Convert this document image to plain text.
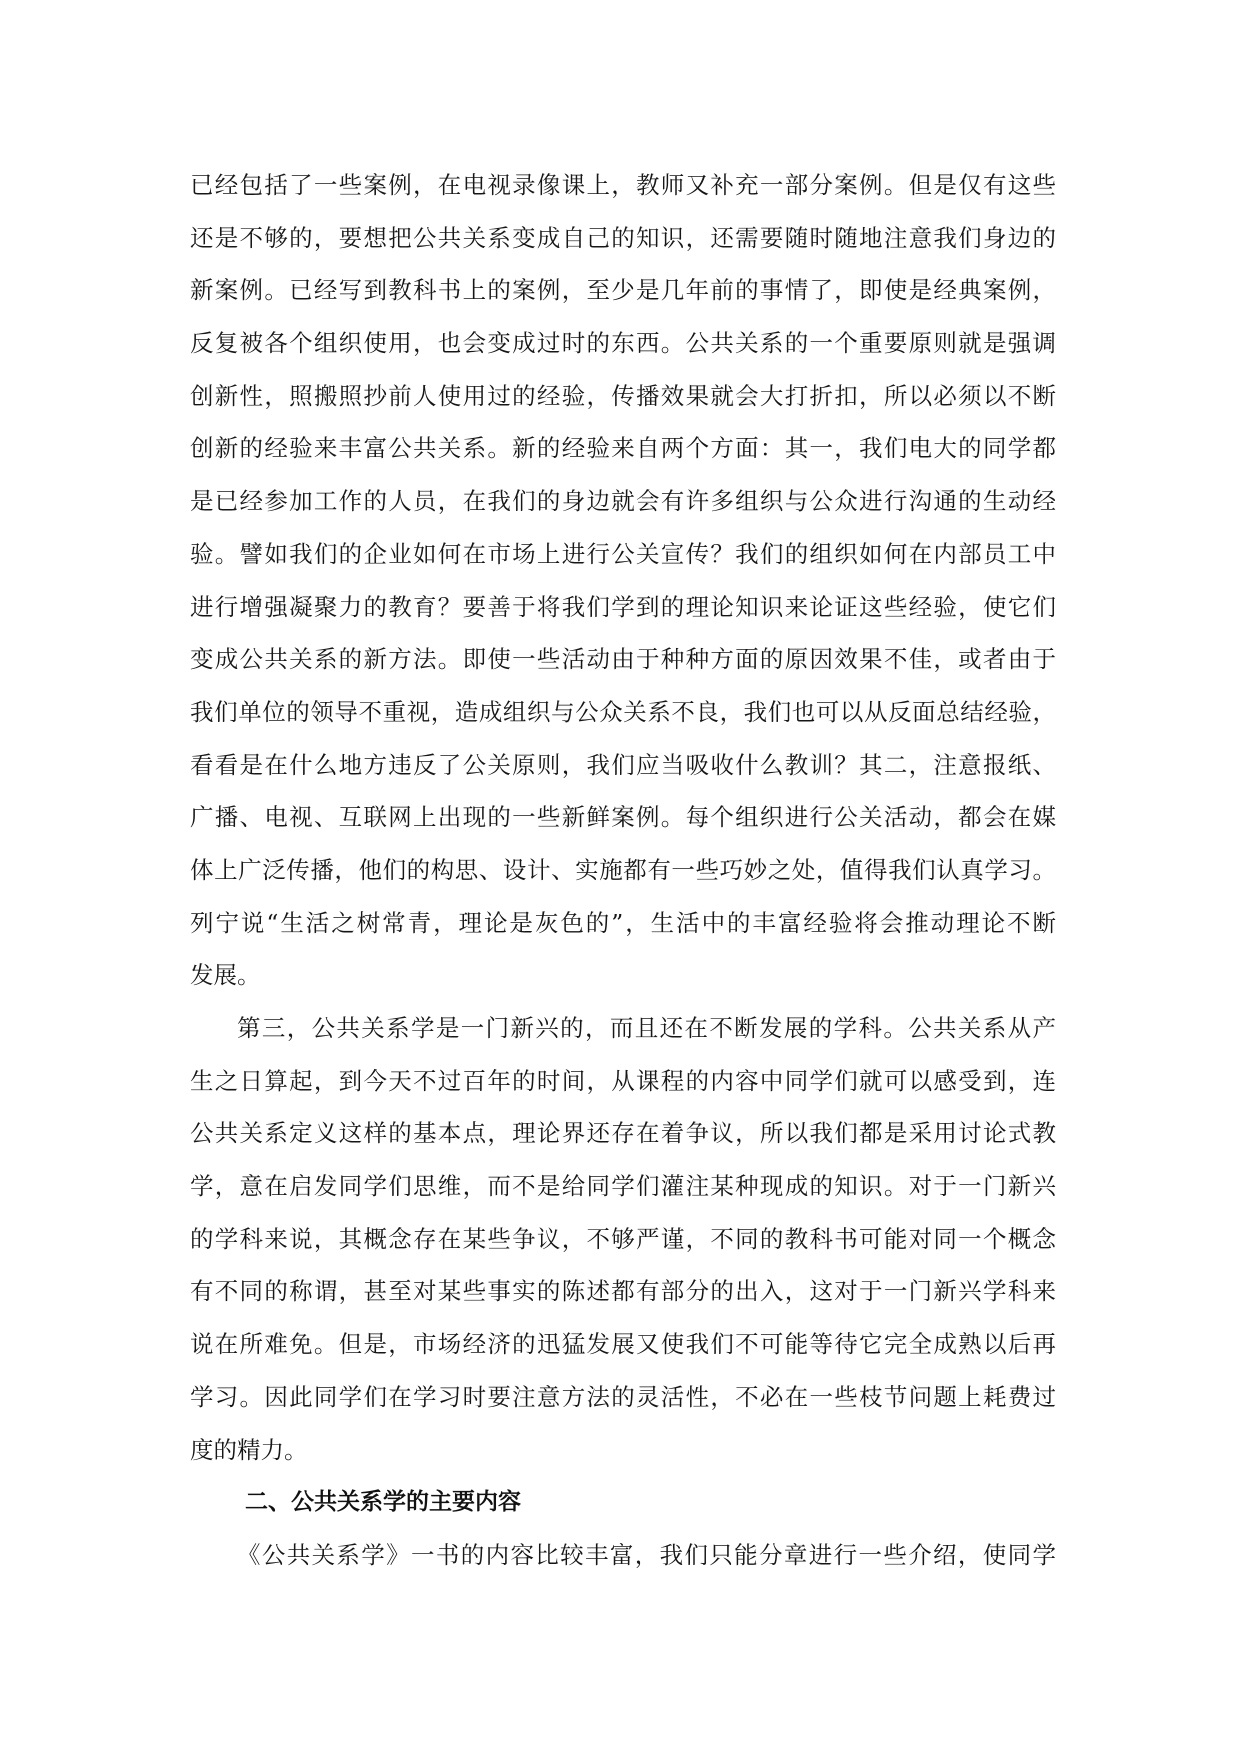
已经包括了一些案例，在电视录像课上，教师又补充一部分案例。但是仅有这些
还是不够的，要想把公共关系变成自己的知识，还需要随时随地注意我们身边的
新案例。已经写到教科书上的案例，至少是几年前的事情了，即使是经典案例，
反复被各个组织使用，也会变成过时的东西。公共关系的一个重要原则就是强调
创新性，照搬照抄前人使用过的经验，传播效果就会大打折扣，所以必须以不断
创新的经验来丰富公共关系。新的经验来自两个方面：其一，我们电大的同学都
是已经参加工作的人员，在我们的身边就会有许多组织与公众进行沟通的生动经
验。譬如我们的企业如何在市场上进行公关宣传？我们的组织如何在内部员工中
进行增强凝聚力的教育？要善于将我们学到的理论知识来论证这些经验，使它们
变成公共关系的新方法。即使一些活动由于种种方面的原因效果不佳，或者由于
我们单位的领导不重视，造成组织与公众关系不良，我们也可以从反面总结经验，
看看是在什么地方违反了公关原则，我们应当吸收什么教训？其二，注意报纸、
广播、电视、互联网上出现的一些新鲜案例。每个组织进行公关活动，都会在媒
体上广泛传播，他们的构思、设计、实施都有一些巧妙之处，值得我们认真学习。
列宁说“生活之树常青，理论是灰色的”，生活中的丰富经验将会推动理论不断
发展。
第三，公共关系学是一门新兴的，而且还在不断发展的学科。公共关系从产
生之日算起，到今天不过百年的时间，从课程的内容中同学们就可以感受到，连
公共关系定义这样的基本点，理论界还存在着争议，所以我们都是采用讨论式教
学，意在启发同学们思维，而不是给同学们灌注某种现成的知识。对于一门新兴
的学科来说，其概念存在某些争议，不够严谨，不同的教科书可能对同一个概念
有不同的称谓，甚至对某些事实的陈述都有部分的出入，这对于一门新兴学科来
说在所难免。但是，市场经济的迅猛发展又使我们不可能等待它完全成熟以后再
学习。因此同学们在学习时要注意方法的灵活性，不必在一些枝节问题上耗费过
度的精力。
二、公共关系学的主要内容
《公共关系学》一书的内容比较丰富，我们只能分章进行一些介绍，使同学
